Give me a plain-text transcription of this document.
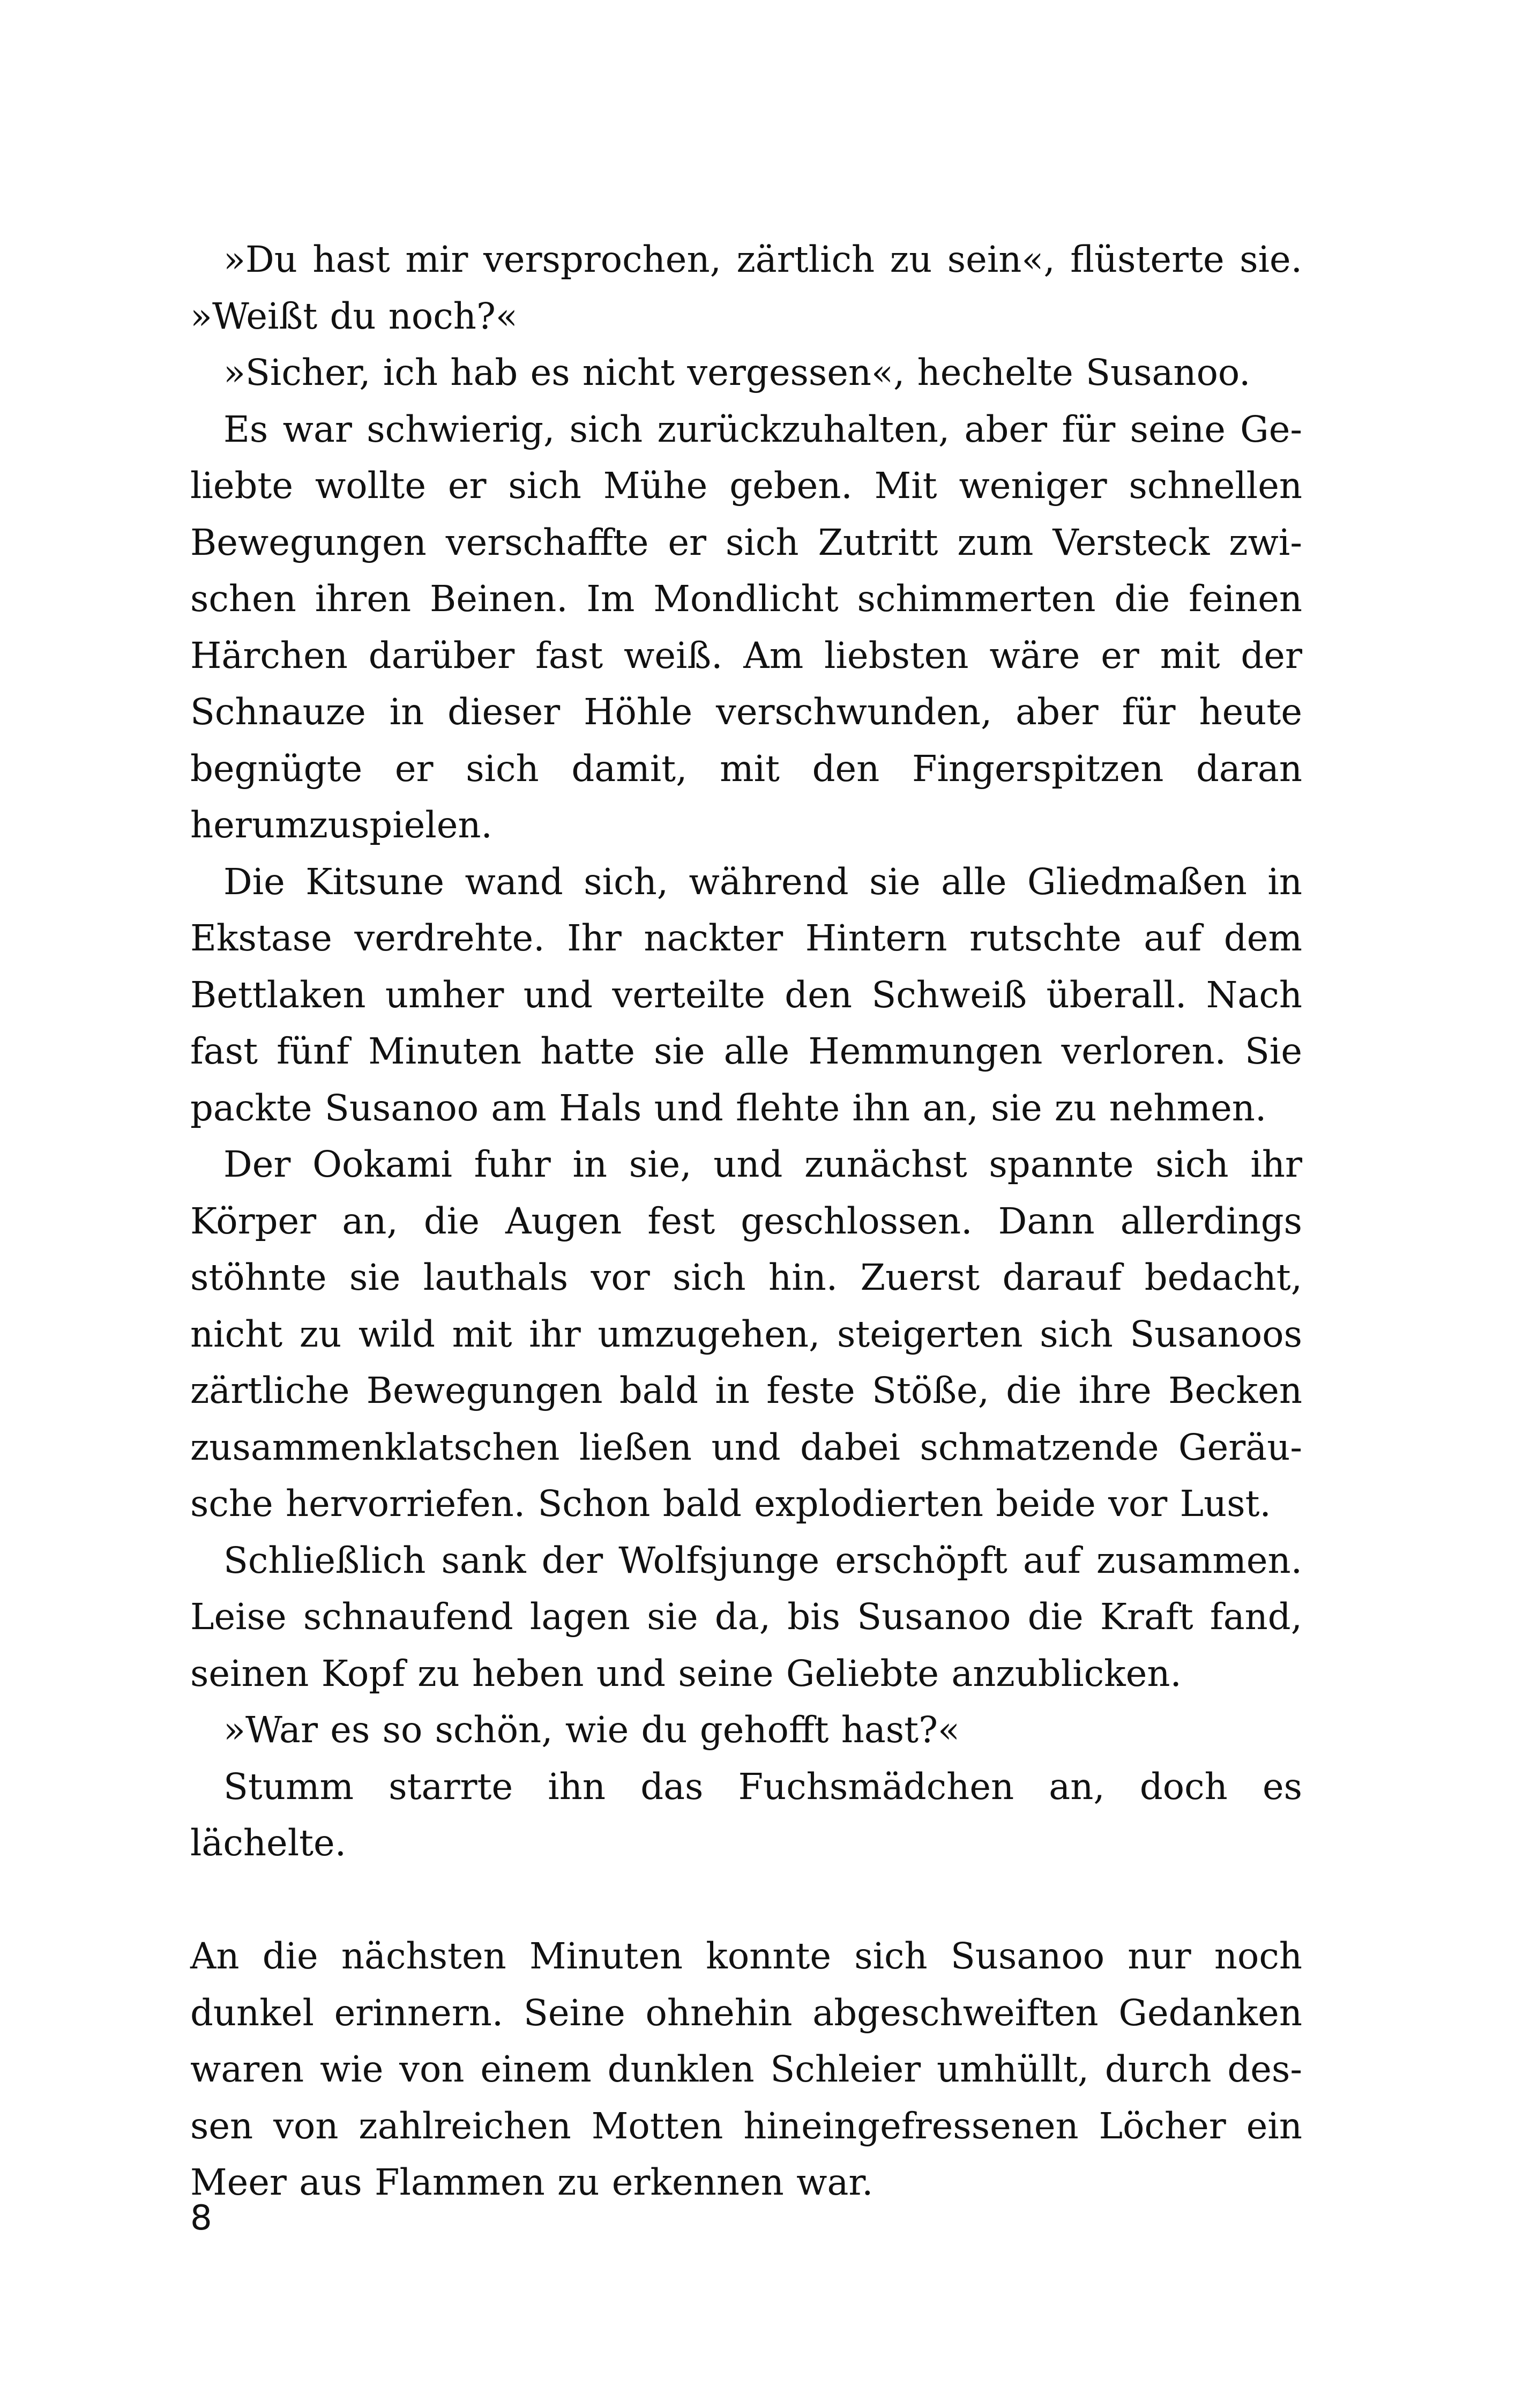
»Du hast mir versprochen, zärtlich zu sein«, flüsterte sie. »Weißt du noch?«

»Sicher, ich hab es nicht vergessen«, hechelte Susanoo.

Es war schwierig, sich zurückzuhalten, aber für seine Geliebte wollte er sich Mühe geben. Mit weniger schnellen Bewegungen verschaffte er sich Zutritt zum Versteck zwischen ihren Beinen. Im Mondlicht schimmerten die feinen Härchen darüber fast weiß. Am liebsten wäre er mit der Schnauze in dieser Höhle verschwunden, aber für heute begnügte er sich damit, mit den Fingerspitzen daran herumzuspielen.

Die Kitsune wand sich, während sie alle Gliedmaßen in Ekstase verdrehte. Ihr nackter Hintern rutschte auf dem Bettlaken umher und verteilte den Schweiß überall. Nach fast fünf Minuten hatte sie alle Hemmungen verloren. Sie packte Susanoo am Hals und flehte ihn an, sie zu nehmen.

Der Ookami fuhr in sie, und zunächst spannte sich ihr Körper an, die Augen fest geschlossen. Dann allerdings stöhnte sie lauthals vor sich hin. Zuerst darauf bedacht, nicht zu wild mit ihr umzugehen, steigerten sich Susanoos zärtliche Bewegungen bald in feste Stöße, die ihre Becken zusammenklatschen ließen und dabei schmatzende Geräusche hervorriefen. Schon bald explodierten beide vor Lust.

Schließlich sank der Wolfsjunge erschöpft auf zusammen. Leise schnaufend lagen sie da, bis Susanoo die Kraft fand, seinen Kopf zu heben und seine Geliebte anzublicken.

»War es so schön, wie du gehofft hast?«

Stumm starrte ihn das Fuchsmädchen an, doch es lächelte.

An die nächsten Minuten konnte sich Susanoo nur noch dunkel erinnern. Seine ohnehin abgeschweiften Gedanken waren wie von einem dunklen Schleier umhüllt, durch dessen von zahlreichen Motten hineingefressenen Löcher ein Meer aus Flammen zu erkennen war.

8
